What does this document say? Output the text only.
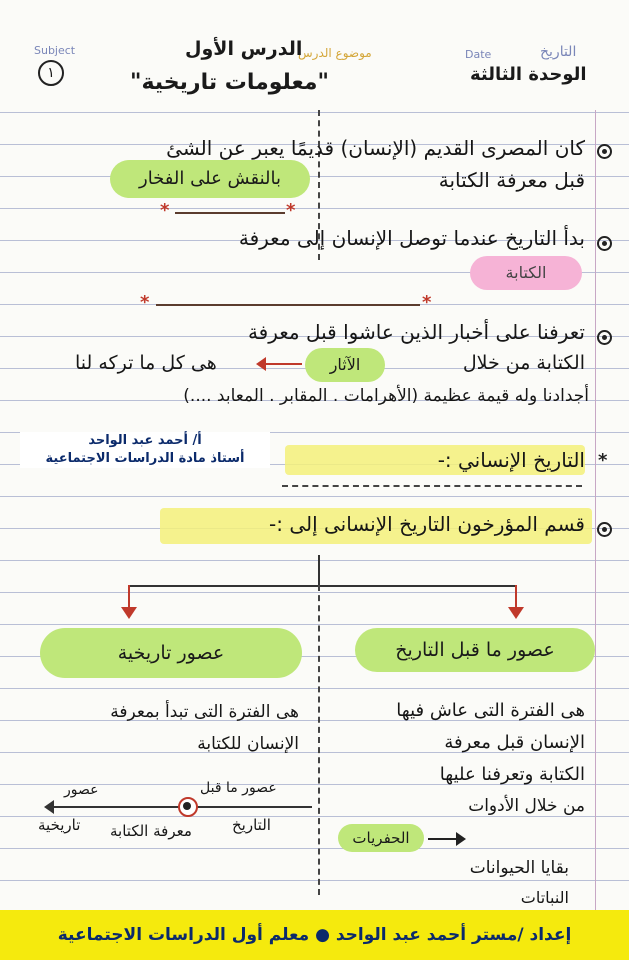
Subject
١
موضوع الدرس
الدرس الأول
"معلومات تاريخية"
Date	التاريخ
الوحدة الثالثة
كان المصرى القديم (الإنسان) قديمًا يعبر عن الشئ
قبل معرفة الكتابة
بالنقش على الفخار
*	*
بدأ التاريخ عندما توصل الإنسان إلى معرفة
الكتابة
*	*
تعرفنا على أخبار الذين عاشوا قبل معرفة
الكتابة من خلال
الآثار
هى كل ما تركه لنا
أجدادنا وله قيمة عظيمة (الأهرامات . المقابر . المعابد ....)
أ/ أحمد عبد الواحد
أستاذ مادة الدراسات الاجتماعية	*
التاريخ الإنساني :-
قسم المؤرخون التاريخ الإنسانى إلى :-
عصور ما قبل التاريخ
هى الفترة التى عاش فيها
الإنسان قبل معرفة
الكتابة وتعرفنا عليها
من خلال الأدوات
الحفريات
بقايا الحيوانات
النباتات
عصور تاريخية
هى الفترة التى تبدأ بمعرفة
الإنسان للكتابة
عصور ما قبل
التاريخ
معرفة الكتابة
عصور
تاريخية
إعداد /مستر أحمد عبد الواحد ● معلم أول الدراسات الاجتماعية
